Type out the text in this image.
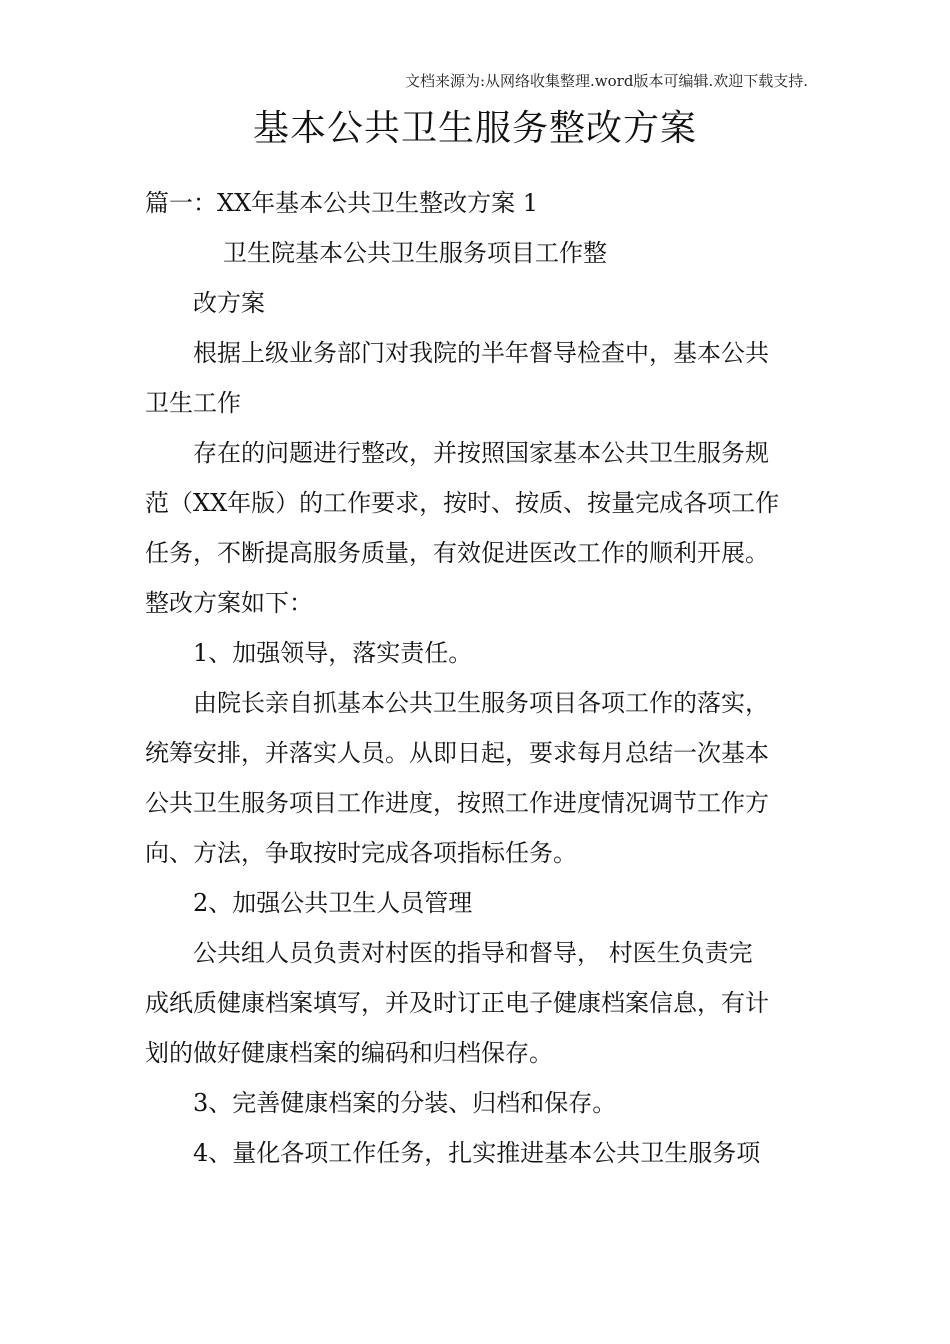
文档来源为:从网络收集整理.word版本可编辑.欢迎下载支持.
基本公共卫生服务整改方案

篇一：XX年基本公共卫生整改方案 1

卫生院基本公共卫生服务项目工作整

改方案

根据上级业务部门对我院的半年督导检查中，基本公共

卫生工作

存在的问题进行整改，并按照国家基本公共卫生服务规

范（XX年版）的工作要求，按时、按质、按量完成各项工作

任务，不断提高服务质量，有效促进医改工作的顺利开展。

整改方案如下：

1、加强领导，落实责任。

由院长亲自抓基本公共卫生服务项目各项工作的落实，

统筹安排，并落实人员。从即日起，要求每月总结一次基本

公共卫生服务项目工作进度，按照工作进度情况调节工作方

向、方法，争取按时完成各项指标任务。

2、加强公共卫生人员管理

公共组人员负责对村医的指导和督导， 村医生负责完

成纸质健康档案填写，并及时订正电子健康档案信息，有计

划的做好健康档案的编码和归档保存。

3、完善健康档案的分装、归档和保存。

4、量化各项工作任务，扎实推进基本公共卫生服务项
